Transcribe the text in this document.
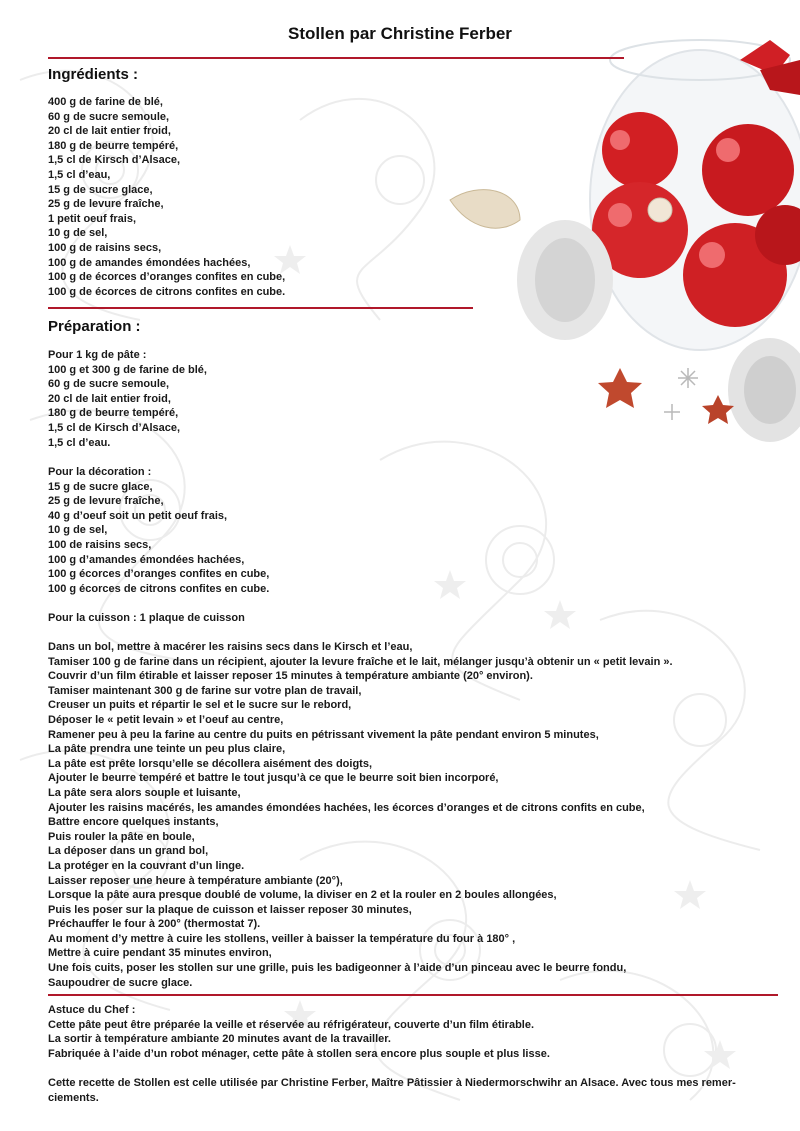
Stollen par Christine Ferber
Ingrédients :
400 g de farine de blé,
60 g de sucre semoule,
20 cl de lait entier froid,
180 g de beurre tempéré,
1,5 cl de Kirsch d’Alsace,
1,5 cl d’eau,
15 g de sucre glace,
25 g de levure fraîche,
1 petit oeuf frais,
10 g de sel,
100 g de raisins secs,
100 g de amandes émondées hachées,
100 g de écorces d’oranges confites en cube,
100 g de écorces de citrons confites en cube.
Préparation :
Pour 1 kg de pâte :
100 g et 300 g de farine de blé,
60 g de sucre semoule,
20 cl de lait entier froid,
180 g de beurre tempéré,
1,5 cl de Kirsch d’Alsace,
1,5 cl d’eau.
Pour la décoration :
15 g de sucre glace,
25 g de levure fraîche,
40 g d’oeuf soit un petit oeuf frais,
10 g de sel,
100 de raisins secs,
100 g d’amandes émondées hachées,
100 g écorces d’oranges confites en cube,
100 g écorces de citrons confites en cube.
Pour la cuisson : 1 plaque de cuisson
Dans un bol, mettre à macérer les raisins secs dans le Kirsch et l’eau,
Tamiser 100 g de farine dans un récipient, ajouter la levure fraîche et le lait, mélanger jusqu’à obtenir un « petit levain ».
Couvrir d’un film étirable et laisser reposer 15 minutes à température ambiante (20° environ).
Tamiser maintenant 300 g de farine sur votre plan de travail,
Creuser un puits et répartir le sel et le sucre sur le rebord,
Déposer le « petit levain » et l’oeuf au centre,
Ramener peu à peu la farine au centre du puits en pétrissant vivement la pâte pendant environ 5 minutes,
La pâte prendra une teinte un peu plus claire,
La pâte est prête lorsqu’elle se décollera aisément des doigts,
Ajouter le beurre tempéré et battre le tout jusqu’à ce que le beurre soit bien incorporé,
La pâte sera alors souple et luisante,
Ajouter les raisins macérés, les amandes émondées hachées, les écorces d’oranges et de citrons confits en cube,
Battre encore quelques instants,
Puis rouler la pâte en boule,
La déposer dans un grand bol,
La protéger en la couvrant d’un linge.
Laisser reposer une heure à température ambiante (20°),
Lorsque la pâte aura presque doublé de volume, la diviser en 2 et la rouler en 2 boules allongées,
Puis les poser sur la plaque de cuisson et laisser reposer 30 minutes,
Préchauffer le four à 200° (thermostat 7).
Au moment d’y mettre à cuire les stollens, veiller à baisser la température du four à 180° ,
Mettre à cuire pendant 35 minutes environ,
Une fois cuits, poser les stollen sur une grille, puis les badigeonner à l’aide d’un pinceau avec le beurre fondu,
Saupoudrer de sucre glace.
Astuce du Chef :
Cette pâte peut être préparée la veille et réservée au réfrigérateur, couverte d’un film étirable.
La sortir à température ambiante 20 minutes avant de la travailler.
Fabriquée à l’aide d’un robot ménager, cette pâte à stollen sera encore plus souple et plus lisse.
Cette recette de Stollen est celle utilisée par Christine Ferber, Maître Pâtissier à Niedermorschwihr an Alsace. Avec tous mes remer-
ciements.
